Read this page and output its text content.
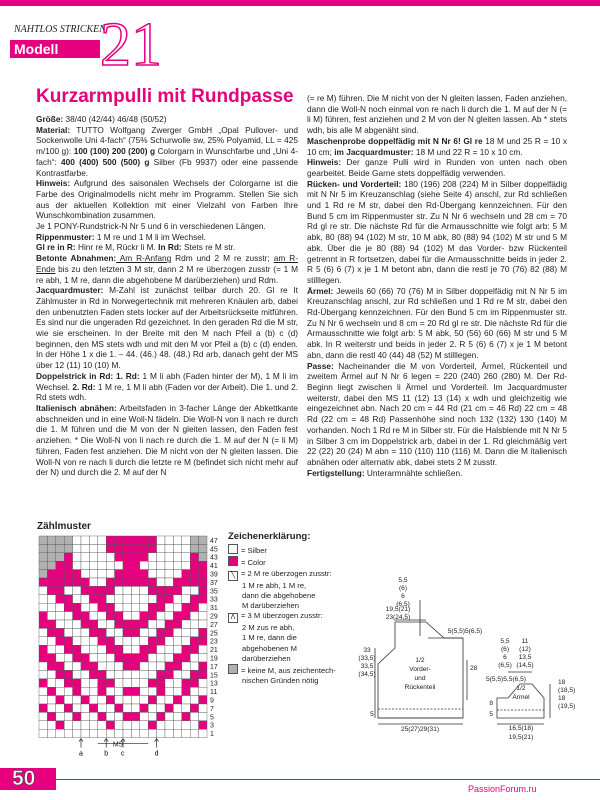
NAHTLOS STRICKEN
Modell 21
Kurzarmpulli mit Rundpasse

Größe: 38/40 (42/44) 46/48 (50/52)

Material: TUTTO Wolfgang Zwerger GmbH „Opal Pullover- und Sockenwolle Uni 4-fach“ (75% Schurwolle sw, 25% Polyamid, LL = 425 m/100 g): 100 (100) 200 (200) g Colorgarn in Wunschfarbe und „Uni 4-fach“: 400 (400) 500 (500) g Silber (Fb 9937) oder eine passende Kontrastfarbe.

Hinweis: Aufgrund des saisonalen Wechsels der Colorgarne ist die Farbe des Originalmodells nicht mehr im Programm. Stellen Sie sich aus der aktuellen Kollektion mit einer Vielzahl von Farben Ihre Wunschkombination zusammen.

Je 1 PONY-Rundstrick-N Nr 5 und 6 in verschiedenen Längen.

Rippenmuster: 1 M re und 1 M li im Wechsel.

Gl re in R: Hinr re M, Rückr li M. In Rd: Stets re M str.

Betonte Abnahmen: Am R-Anfang Rdm und 2 M re zusstr; am R-Ende bis zu den letzten 3 M str, dann 2 M re überzogen zusstr (= 1 M re abh, 1 M re, dann die abgehobene M darüberziehen) und Rdm.

Jacquardmuster: M-Zahl ist zunächst teilbar durch 20. Gl re It Zählmuster in Rd in Norwegertechnik mit mehreren Knäulen arb, dabei den unbenutzten Faden stets locker auf der Arbeitsrückseite mitführen. Es sind nur die ungeraden Rd gezeichnet. In den geraden Rd die M str, wie sie erscheinen. In der Breite mit den M nach Pfeil a (b) c (d) beginnen, den MS stets wdh und mit den M vor Pfeil a (b) c (d) enden. In der Höhe 1 x die 1. – 44. (46.) 48. (48.) Rd arb, danach geht der MS über 12 (11) 10 (10) M.

Doppelstrick in Rd: 1. Rd: 1 M li abh (Faden hinter der M), 1 M li im Wechsel. 2. Rd: 1 M re, 1 M li abh (Faden vor der Arbeit). Die 1. und 2. Rd stets wdh.

Italienisch abnähen: Arbeitsfaden in 3-facher Länge der Abkettkante abschneiden und in eine Woll-N fädeln. Die Woll-N von li nach re durch die 1. M führen und die M von der N gleiten lassen, den Faden fest anziehen. * Die Woll-N von li nach re durch die 1. M auf der N (= li M) führen, Faden fest anziehen. Die M nicht von der N gleiten lassen. Die Woll-N von re nach li durch die letzte re M (befindet sich nicht mehr auf der N) und durch die 2. M auf der N

(= re M) führen. Die M nicht von der N gleiten lassen, Faden anziehen, dann die Woll-N noch einmal von re nach li durch die 1. M auf der N (= li M) führen, fest anziehen und 2 M von der N gleiten lassen. Ab * stets wdh, bis alle M abgenäht sind.

Maschenprobe doppelfädig mit N Nr 6! Gl re 18 M und 25 R = 10 x 10 cm; im Jacquardmuster: 18 M und 22 R = 10 x 10 cm.

Hinweis: Der ganze Pulli wird in Runden von unten nach oben gearbeitet. Beide Garne stets doppelfädig verwenden.

Rücken- und Vorderteil: 180 (196) 208 (224) M in Silber doppelfädig mit N Nr 5 im Kreuzanschlag (siehe Seite 4) anschl, zur Rd schließen und 1 Rd re M str, dabei den Rd-Übergang kennzeichnen. Für den Bund 5 cm im Rippenmuster str. Zu N Nr 6 wechseln und 28 cm = 70 Rd gl re str. Die nächste Rd für die Armausschnitte wie folgt arb: 5 M abk, 80 (88) 94 (102) M str, 10 M abk, 80 (88) 94 (102) M str und 5 M abk. Über die je 80 (88) 94 (102) M das Vorder- bzw Rückenteil getrennt in R fortsetzen, dabei für die Armausschnitte beids in jeder 2. R 5 (6) 6 (7) x je 1 M betont abn, dann die restl je 70 (76) 82 (88) M stilllegen.

Ärmel: Jeweils 60 (66) 70 (76) M in Silber doppelfädig mit N Nr 5 im Kreuzanschlag anschl, zur Rd schließen und 1 Rd re M str, dabei den Rd-Übergang kennzeichnen. Für den Bund 5 cm im Rippenmuster str. Zu N Nr 6 wechseln und 8 cm = 20 Rd gl re str. Die nächste Rd für die Armausschnitte wie folgt arb: 5 M abk, 50 (56) 60 (66) M str und 5 M abk. In R weiterstr und beids in jeder 2. R 5 (6) 6 (7) x je 1 M betont abn, dann die restl 40 (44) 48 (52) M stilllegen.

Passe: Nacheinander die M von Vorderteil, Ärmel, Rückenteil und zweitem Ärmel auf N Nr 6 legen = 220 (240) 260 (280) M. Der Rd-Beginn liegt zwischen li Ärmel und Vorderteil. Im Jacquardmuster weiterstr, dabei den MS 11 (12) 13 (14) x wdh und gleichzeitig wie eingezeichnet abn. Nach 20 cm = 44 Rd (21 cm = 46 Rd) 22 cm = 48 Rd (22 cm = 48 Rd) Passenhöhe sind noch 132 (132) 130 (140) M vorhanden. Noch 1 Rd re M in Silber str. Für die Halsblende mit N Nr 5 in Silber 3 cm im Doppelstrick arb, dabei in der 1. Rd gleichmäßig vert 22 (22) 20 (24) M abn = 110 (110) 110 (116) M. Dann die M italienisch abnähen oder alternativ abk, dabei stets 2 M zusstr.

Fertigstellung: Unterarmnähte schließen.

Zählmuster
47
45
43
41
39
37
35
33
31
29
27
25
23
21
19
17
15
13
11
9
7
5
3
1
a	b c	d
MS
Zeichenerklärung:
= Silber
= Color
╲ = 2 M re überzogen zusstr:
1 M re abh, 1 M re,
dann die abgehobene
M darüberziehen
Λ = 3 M überzogen zusstr:
2 M zus re abh,
1 M re, dann die
abgehobenen M
darüberziehen
= keine M, aus zeichentech-
nischen Gründen nötig
1/2
Vorder-
und
Rückenteil
19,5(21)
23(24,5)
5,5
(6)
6
(6,5)
5(5,5)5(6,5)
33
(33,5)
33,5
(34,5)
28
5(5,5)5,5(6,5)
5
25(27)29(31)
1/2
Ärmel
5,5
(6)
6
(6,5)
11
(12)
13,5
(14,5)
8
5
18
(18,5)
18
(19,5)
16,5(18)
19,5(21)
50	PassionForum.ru
